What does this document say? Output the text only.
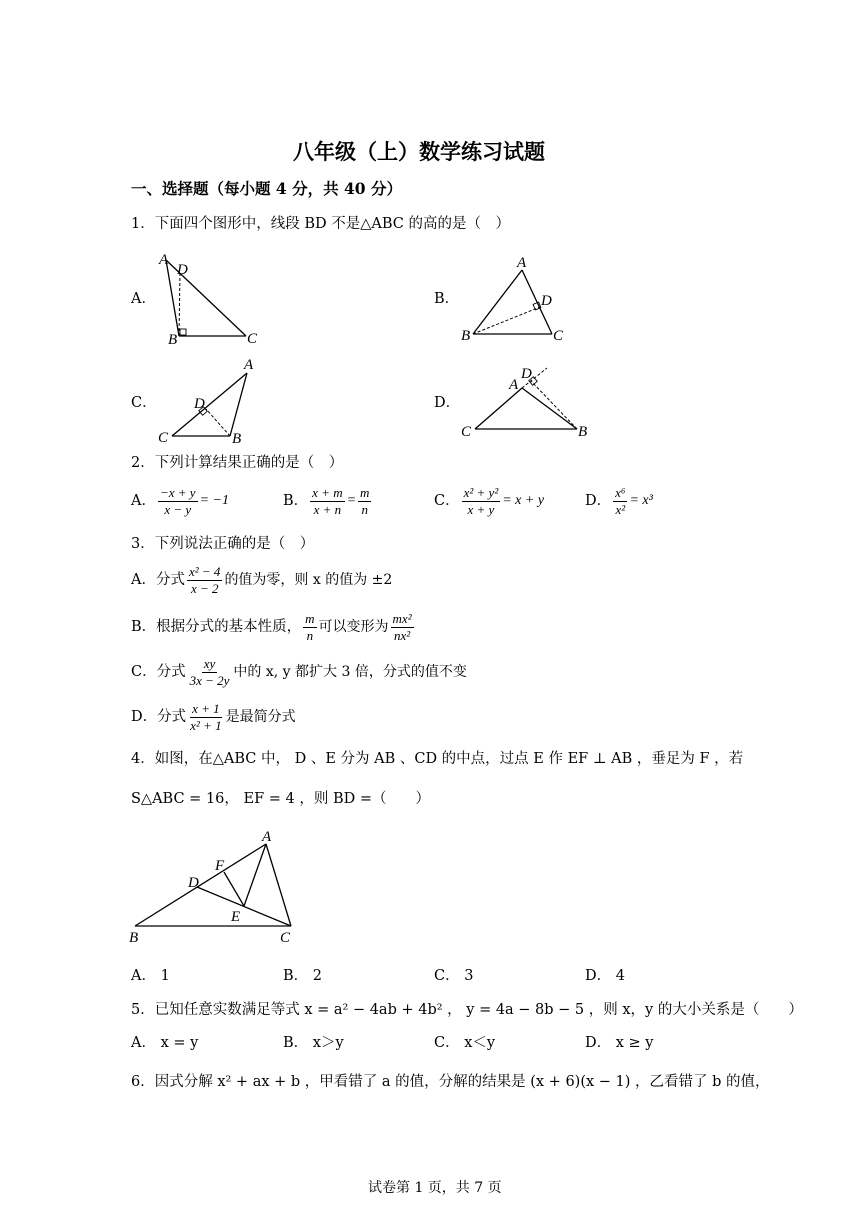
八年级（上）数学练习试题
一、选择题（每小题 4 分，共 40 分）
1．下面四个图形中，线段 BD 不是△ABC 的高的是（　）
A．
A
D
B	C
B．
A
D
B	C
C．
A
D
C	B
D．
D
A
C	B
2．下列计算结果正确的是（　）
A． $\frac{-x + y}{x - y} = -1$	B． $\frac{x + m}{x + n} = \frac{m}{n}$	C． $\frac{\text{x² + y²}}{x + y} = x + y$	D． $\frac{\text{x⁶}}{\text{x²}} = x^3$
3．下列说法正确的是（　）
A．分式 $\frac{\text{x² − 4}}{x - 2}$ 的值为零，则 x 的值为 ±2
B．根据分式的基本性质， $\frac{m}{n}$ 可以变形为 $\frac{\text{mx²}}{\text{nx²}}$
C．分式 $\frac{xy}{3x - 2y}$ 中的 x, y 都扩大 3 倍，分式的值不变
D．分式 $\frac{x + 1}{\text{x² + 1}}$ 是最简分式
4．如图，在△ABC 中， D 、E 分为 AB 、CD 的中点，过点 E 作 EF ⊥ AB ，垂足为 F ，若
S△ABC = 16， EF = 4 ，则 BD =（　　）
A
F
D
E
B	C
A． 1	B． 2	C． 3	D． 4
5．已知任意实数满足等式 x = a² − 4ab + 4b² ， y = 4a − 8b − 5 ，则 x，y 的大小关系是（　　）
A． x = y	B． x＞y	C． x＜y	D． x ≥ y
6．因式分解 x² + ax + b ，甲看错了 a 的值，分解的结果是 (x + 6)(x − 1) ，乙看错了 b 的值，
试卷第 1 页，共 7 页
